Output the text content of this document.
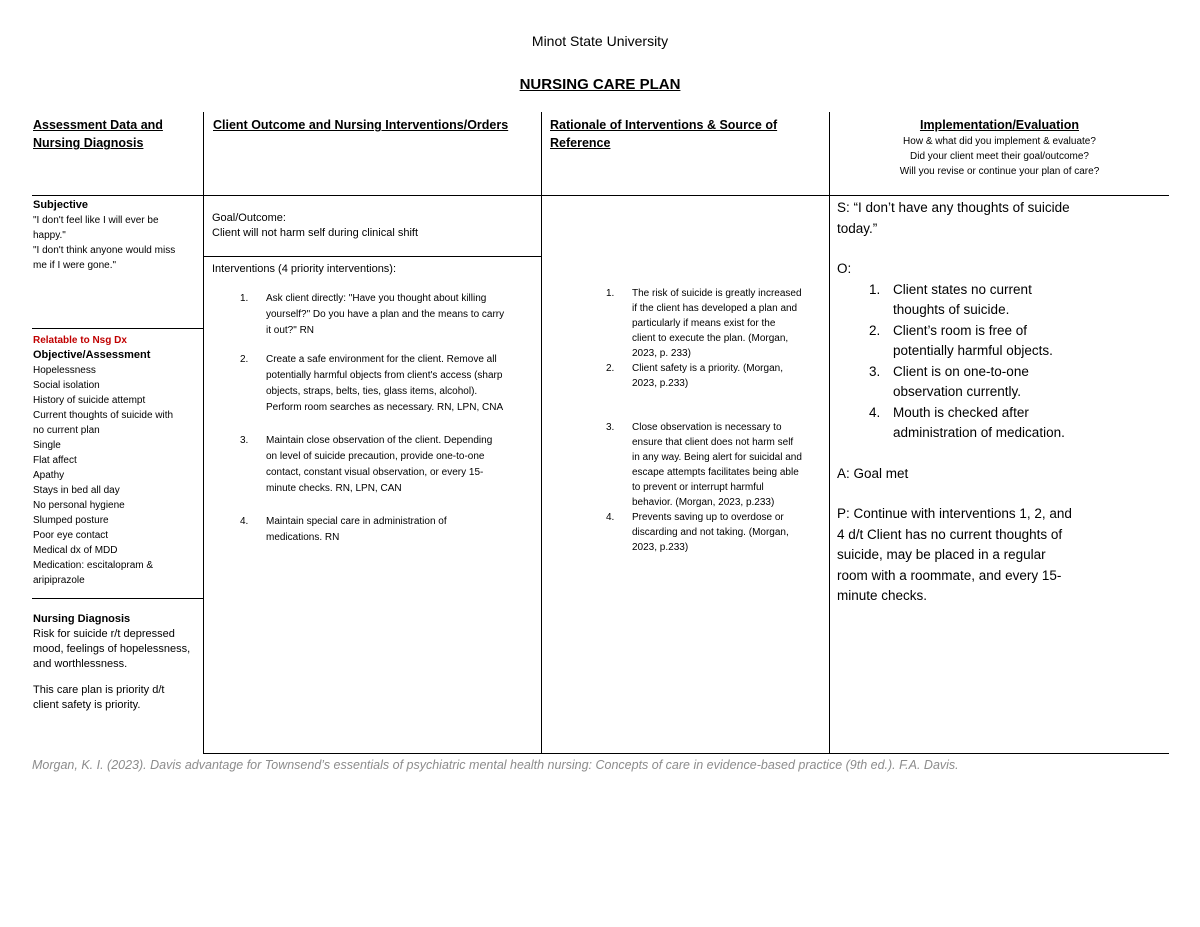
Minot State University
NURSING CARE PLAN
Assessment Data and
Nursing Diagnosis
Client Outcome and Nursing Interventions/Orders	Rationale of Interventions & Source of
Reference
Implementation/Evaluation
How & what did you implement & evaluate?
Did your client meet their goal/outcome?
Will you revise or continue your plan of care?
Subjective
"I don't feel like I will ever be
happy."
"I don't think anyone would miss
me if I were gone."
Relatable to Nsg Dx
Objective/Assessment
Hopelessness
Social isolation
History of suicide attempt
Current thoughts of suicide with
no current plan
Single
Flat affect
Apathy
Stays in bed all day
No personal hygiene
Slumped posture
Poor eye contact
Medical dx of MDD
Medication: escitalopram &
aripiprazole
Nursing Diagnosis
Risk for suicide r/t depressed
mood, feelings of hopelessness,
and worthlessness.
This care plan is priority d/t
client safety is priority.
Goal/Outcome:
Client will not harm self during clinical shift
Interventions (4 priority interventions):
1. Ask client directly: "Have you thought about killing
yourself?" Do you have a plan and the means to carry
it out?" RN
2. Create a safe environment for the client. Remove all
potentially harmful objects from client's access (sharp
objects, straps, belts, ties, glass items, alcohol).
Perform room searches as necessary. RN, LPN, CNA
3. Maintain close observation of the client. Depending
on level of suicide precaution, provide one-to-one
contact, constant visual observation, or every 15-
minute checks. RN, LPN, CAN
4. Maintain special care in administration of
medications. RN
1. The risk of suicide is greatly increased
if the client has developed a plan and
particularly if means exist for the
client to execute the plan. (Morgan,
2023, p. 233)
2. Client safety is a priority. (Morgan,
2023, p.233)
3. Close observation is necessary to
ensure that client does not harm self
in any way. Being alert for suicidal and
escape attempts facilitates being able
to prevent or interrupt harmful
behavior. (Morgan, 2023, p.233)
4. Prevents saving up to overdose or
discarding and not taking. (Morgan,
2023, p.233)
S: “I don’t have any thoughts of suicide
today.”
O:
1. Client states no current
thoughts of suicide.
2. Client’s room is free of
potentially harmful objects.
3. Client is on one-to-one
observation currently.
4. Mouth is checked after
administration of medication.
A: Goal met
P: Continue with interventions 1, 2, and
4 d/t Client has no current thoughts of
suicide, may be placed in a regular
room with a roommate, and every 15-
minute checks.
Morgan, K. I. (2023). Davis advantage for Townsend’s essentials of psychiatric mental health nursing: Concepts of care in evidence-based practice (9th ed.). F.A. Davis.
